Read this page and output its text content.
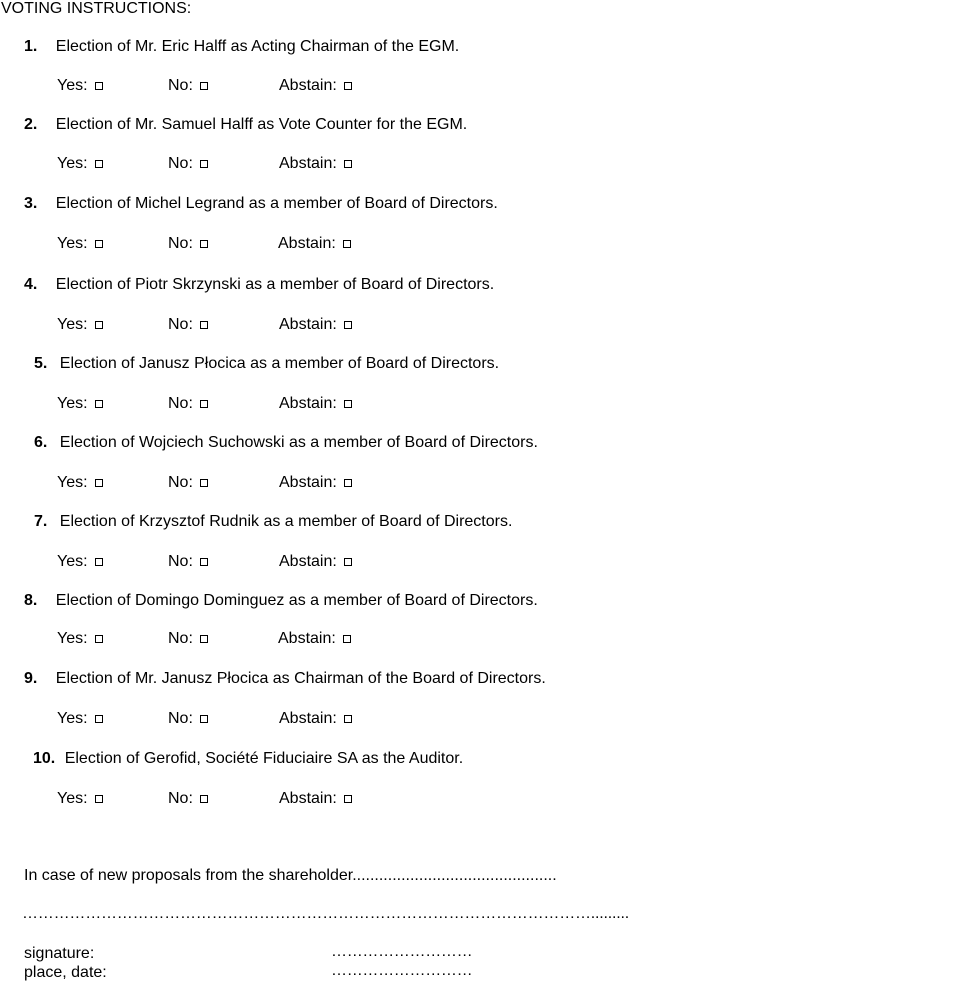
VOTING INSTRUCTIONS:
1. Election of Mr. Eric Halff as Acting Chairman of the EGM.
Yes:	No:	Abstain:
2. Election of Mr. Samuel Halff as Vote Counter for the EGM.
Yes:	No:	Abstain:
3. Election of Michel Legrand as a member of Board of Directors.
Yes:	No:	Abstain:
4. Election of Piotr Skrzynski as a member of Board of Directors.
Yes:	No:	Abstain:
5. Election of Janusz Płocica as a member of Board of Directors.
Yes:	No:	Abstain:
6. Election of Wojciech Suchowski as a member of Board of Directors.
Yes:	No:	Abstain:
7. Election of Krzysztof Rudnik as a member of Board of Directors.
Yes:	No:	Abstain:
8. Election of Domingo Dominguez as a member of Board of Directors.
Yes:	No:	Abstain:
9. Election of Mr. Janusz Płocica as Chairman of the Board of Directors.
Yes:	No:	Abstain:
10. Election of Gerofid, Société Fiduciaire SA as the Auditor.
Yes:	No:	Abstain:
In case of new proposals from the shareholder..............................................
……………………………………………………………………………………………….........
signature:	………………………
place, date:	………………………
